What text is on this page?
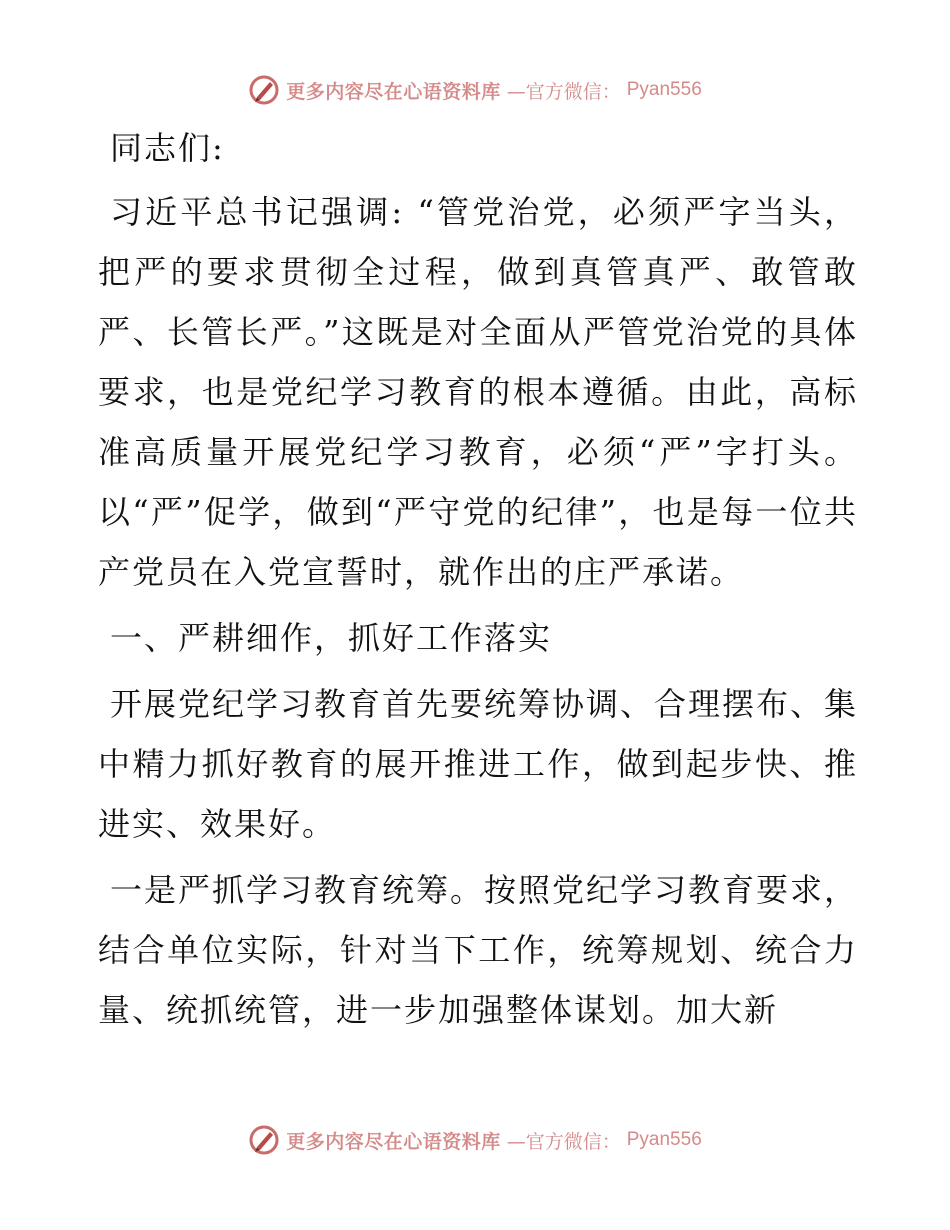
更多内容尽在心语资料库 —官方微信： Pyan556

同志们:

习近平总书记强调: “管党治党，必须严字当头，把严的要求贯彻全过程，做到真管真严、敢管敢严、长管长严。”这既是对全面从严管党治党的具体要求，也是党纪学习教育的根本遵循。由此，高标准高质量开展党纪学习教育，必须“严”字打头。以“严”促学，做到“严守党的纪律”，也是每一位共产党员在入党宣誓时，就作出的庄严承诺。

一、严耕细作，抓好工作落实

开展党纪学习教育首先要统筹协调、合理摆布、集中精力抓好教育的展开推进工作，做到起步快、推进实、效果好。

一是严抓学习教育统筹。按照党纪学习教育要求，结合单位实际，针对当下工作，统筹规划、统合力量、统抓统管，进一步加强整体谋划。加大新

更多内容尽在心语资料库 —官方微信： Pyan556
